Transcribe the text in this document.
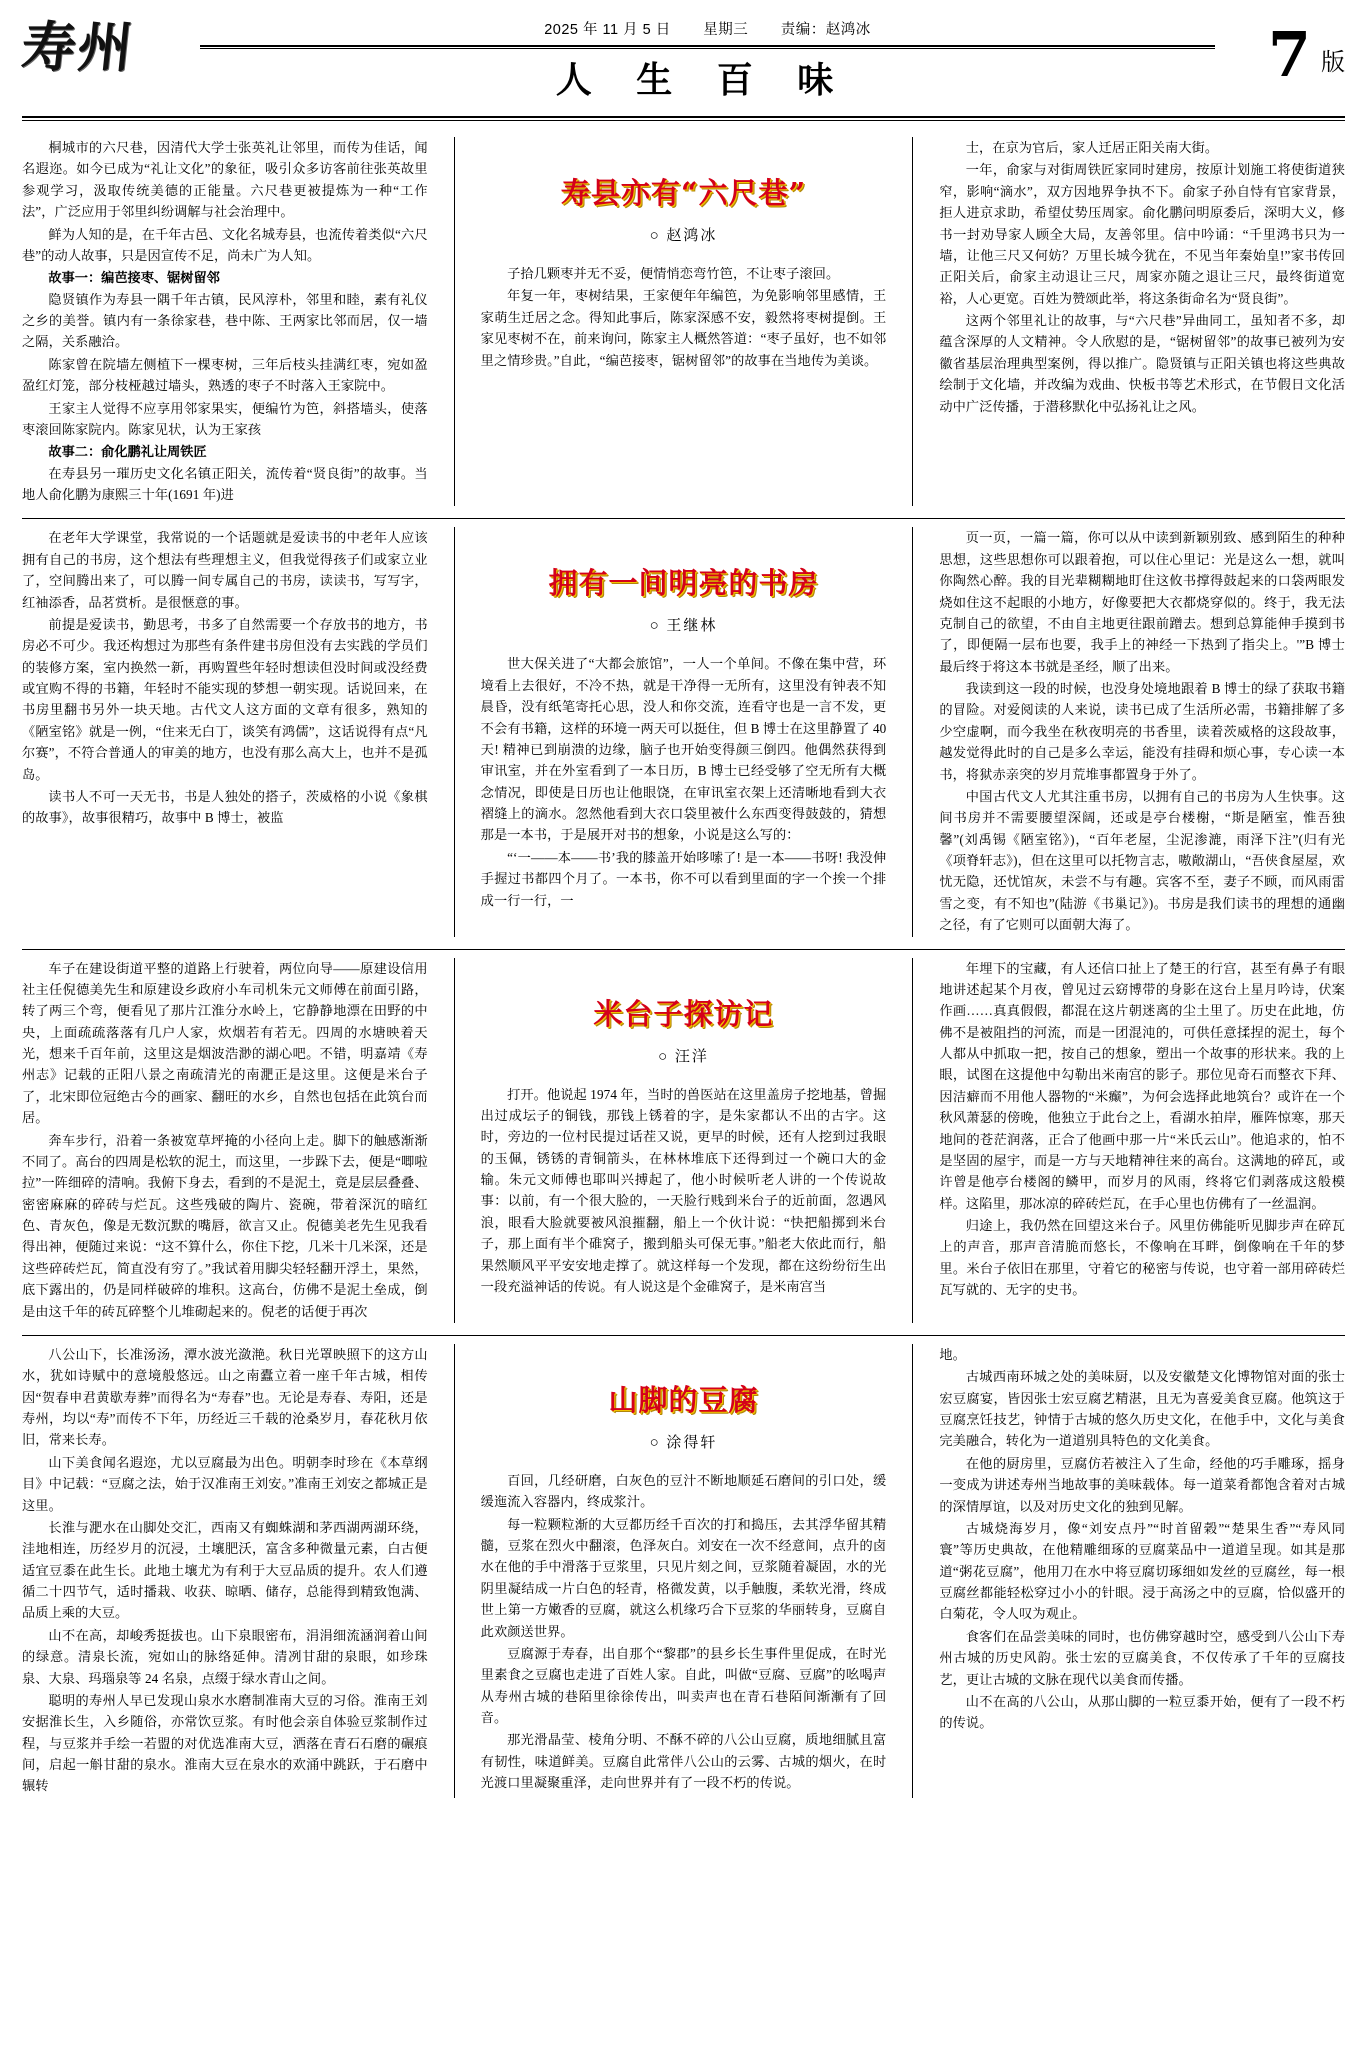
寿州	2025 年 11 月 5 日 星期三 责编：赵鸿冰
人 生 百 味	7 版

桐城市的六尺巷，因清代大学士张英礼让邻里，而传为佳话，闻名遐迩。如今已成为“礼让文化”的象征，吸引众多访客前往张英故里参观学习，汲取传统美德的正能量。六尺巷更被提炼为一种“工作法”，广泛应用于邻里纠纷调解与社会治理中。

鲜为人知的是，在千年古邑、文化名城寿县，也流传着类似“六尺巷”的动人故事，只是因宣传不足，尚未广为人知。

故事一：编芭接枣、锯树留邻

隐贤镇作为寿县一隅千年古镇，民风淳朴，邻里和睦，素有礼仪之乡的美誉。镇内有一条徐家巷，巷中陈、王两家比邻而居，仅一墙之隔，关系融洽。

陈家曾在院墙左侧植下一棵枣树，三年后枝头挂满红枣，宛如盈盈红灯笼，部分枝桠越过墙头，熟透的枣子不时落入王家院中。

王家主人觉得不应享用邻家果实，便编竹为笆，斜搭墙头，使落枣滚回陈家院内。陈家见状，认为王家孩

故事二：俞化鹏礼让周铁匠

在寿县另一璀历史文化名镇正阳关，流传着“贤良街”的故事。当地人俞化鹏为康熙三十年(1691 年)进

寿县亦有“六尺巷”
○ 赵鸿冰

子拾几颗枣并无不妥，便情悄恋弯竹笆，不让枣子滚回。

年复一年，枣树结果，王家便年年编笆，为免影响邻里感情，王家萌生迁居之念。得知此事后，陈家深感不安，毅然将枣树提倒。王家见枣树不在，前来询问，陈家主人概然答道：“枣子虽好，也不如邻里之情珍贵。”自此，“编芭接枣，锯树留邻”的故事在当地传为美谈。

士，在京为官后，家人迁居正阳关南大街。

一年，俞家与对街周铁匠家同时建房，按原计划施工将使街道狭窄，影响“滴水”，双方因地界争执不下。俞家子孙自恃有官家背景，拒人进京求助，希望仗势压周家。俞化鹏问明原委后，深明大义，修书一封劝导家人顾全大局，友善邻里。信中吟诵：“千里鸿书只为一墙，让他三尺又何妨？万里长城今犹在，不见当年秦始皇!”家书传回正阳关后，俞家主动退让三尺，周家亦随之退让三尺，最终街道宽裕，人心更宽。百姓为赞颂此举，将这条街命名为“贤良街”。

这两个邻里礼让的故事，与“六尺巷”异曲同工，虽知者不多，却蕴含深厚的人文精神。令人欣慰的是，“锯树留邻”的故事已被列为安徽省基层治理典型案例，得以推广。隐贤镇与正阳关镇也将这些典故绘制于文化墙，并改编为戏曲、快板书等艺术形式，在节假日文化活动中广泛传播，于潜移默化中弘扬礼让之风。

在老年大学课堂，我常说的一个话题就是爱读书的中老年人应该拥有自己的书房，这个想法有些理想主义，但我觉得孩子们或家立业了，空间腾出来了，可以腾一间专属自己的书房，读读书，写写字，红袖添香，品茗赏析。是很惬意的事。

前提是爱读书，勤思考，书多了自然需要一个存放书的地方，书房必不可少。我还构想过为那些有条件建书房但没有去实践的学员们的装修方案，室内换然一新，再购置些年轻时想读但没时间或没经费或宜购不得的书籍，年轻时不能实现的梦想一朝实现。话说回来，在书房里翻书另外一块天地。古代文人这方面的文章有很多，熟知的《陋室铭》就是一例，“住来无白丁，谈笑有鸿儒”，这话说得有点“凡尔赛”，不符合普通人的审美的地方，也没有那么高大上，也并不是孤岛。

读书人不可一天无书，书是人独处的搭子，茨威格的小说《象棋的故事》，故事很精巧，故事中 B 博士，被监

拥有一间明亮的书房
○ 王继林

世大保关进了“大都会旅馆”，一人一个单间。不像在集中营，环境看上去很好，不冷不热，就是干净得一无所有，这里没有钟表不知晨昏，没有纸笔寄托心思，没人和你交流，连看守也是一言不发，更不会有书籍，这样的环境一两天可以挺住，但 B 博士在这里静置了 40 天! 精神已到崩溃的边缘，脑子也开始变得颜三倒四。他偶然获得到审讯室，并在外室看到了一本日历，B 博士已经受够了空无所有大概念情况，即使是日历也让他眼饶，在审讯室衣架上还清晰地看到大衣褶缝上的滴水。忽然他看到大衣口袋里被什么东西变得鼓鼓的，猜想那是一本书，于是展开对书的想象，小说是这么写的：

“‘一——本——书’我的膝盖开始哆嗦了! 是一本——书呀! 我没伸手握过书都四个月了。一本书，你不可以看到里面的字一个挨一个排成一行一行，一

页一页，一篇一篇，你可以从中读到新颖别致、感到陌生的种种思想，这些思想你可以跟着抱，可以住心里记：光是这么一想，就叫你陶然心醉。我的目光辈糊糊地盯住这攸书撑得鼓起来的口袋两眼发烧如住这不起眼的小地方，好像要把大衣都烧穿似的。终于，我无法克制自己的欲望，不由自主地更往跟前蹭去。想到总算能伸手摸到书了，即便隔一层布也要，我手上的神经一下热到了指尖上。'”B 博士最后终于将这本书就是圣经，顺了出来。

我读到这一段的时候，也没身处境地跟着 B 博士的绿了获取书籍的冒险。对爱阅读的人来说，读书已成了生活所必需，书籍排解了多少空虚啊，而今我坐在秋夜明亮的书香里，读着茨威格的这段故事，越发觉得此时的自己是多么幸运，能没有挂碍和烦心事，专心读一本书，将狱赤亲突的岁月荒堆事都置身于外了。

中国古代文人尤其注重书房，以拥有自己的书房为人生快事。这间书房并不需要腰望深阔，还或是亭台楼榭，“斯是陋室，惟吾独馨”(刘禹锡《陋室铭》)，“百年老屋，尘泥渗漉，雨泽下注”(归有光《项脊轩志》)，但在这里可以托物言志，嗷敞湖山，“吾侠食屋屋，欢忧无隐，还忧馆灰，未尝不与有趣。宾客不至，妻子不顾，而风雨雷雪之变，有不知也”(陆游《书巢记》)。书房是我们读书的理想的通幽之径，有了它则可以面朝大海了。

车子在建设街道平整的道路上行驶着，两位向导——原建设信用社主任倪德美先生和原建设乡政府小车司机朱元文师傅在前面引路，转了两三个弯，便看见了那片江淮分水岭上，它静静地漂在田野的中央，上面疏疏落落有几户人家，炊烟若有若无。四周的水塘映着天光，想来千百年前，这里这是烟波浩渺的湖心吧。不错，明嘉靖《寿州志》记载的正阳八景之南疏清光的南淝正是这里。这便是米台子了，北宋即位冠绝古今的画家、翻旺的水乡，自然也包括在此筑台而居。

奔车步行，沿着一条被宽草坪掩的小径向上走。脚下的触感渐渐不同了。高台的四周是松软的泥土，而这里，一步跺下去，便是“唧啦拉”一阵细碎的清响。我俯下身去，看到的不是泥土，竟是层层叠叠、密密麻麻的碎砖与烂瓦。这些残破的陶片、瓷碗，带着深沉的暗红色、青灰色，像是无数沉默的嘴唇，欲言又止。倪德美老先生见我看得出神，便随过来说：“这不算什么，你住下挖，几米十几米深，还是这些碎砖烂瓦，简直没有穷了。”我试着用脚尖轻轻翻开浮土，果然，底下露出的，仍是同样破碎的堆积。这高台，仿佛不是泥土垒成，倒是由这千年的砖瓦碎整个儿堆砌起来的。倪老的话便于再次

米台子探访记
○ 汪洋

打开。他说起 1974 年，当时的兽医站在这里盖房子挖地基，曾掘出过成坛子的铜钱，那钱上锈着的字，是朱家都认不出的古字。这时，旁边的一位村民提过话茬又说，更早的时候，还有人挖到过我眼的玉佩，锈锈的青铜箭头，在林林堆底下还得到过一个碗口大的金输。朱元文师傅也耶叫兴搏起了，他小时候听老人讲的一个传说故事：以前，有一个很大脸的，一天脸行贱到米台子的近前面，忽遇风浪，眼看大脸就要被风浪摧翻，船上一个伙计说：“快把船掷到米台子，那上面有半个碓窝子，搬到船头可保无事。”船老大依此而行，船果然顺风平平安安地走撑了。就这样每一个发现，都在这纷纷衍生出一段充溢神话的传说。有人说这是个金碓窝子，是米南宫当

年埋下的宝藏，有人还信口扯上了楚王的行宫，甚至有鼻子有眼地讲述起某个月夜，曾见过云窈博带的身影在这台上星月吟诗，伏案作画……真真假假，都混在这片朝迷离的尘土里了。历史在此地，仿佛不是被阻挡的河流，而是一团混沌的，可供任意揉捏的泥土，每个人都从中抓取一把，按自己的想象，塑出一个故事的形状来。我的上眼，试图在这提他中勾勒出米南宫的影子。那位见奇石而整衣下拜、因洁癖而不用他人器物的“米癫”，为何会选择此地筑台？或许在一个秋风萧瑟的傍晚，他独立于此台之上，看湖水拍岸，雁阵惊寒，那天地间的苍茫润落，正合了他画中那一片“米氏云山”。他追求的，怕不是坚固的屋宇，而是一方与天地精神往来的高台。这满地的碎瓦，或许曾是他亭台楼阁的鳞甲，而岁月的风雨，终将它们剥落成这般模样。这陷里，那冰凉的碎砖烂瓦，在手心里也仿佛有了一丝温润。

归途上，我仍然在回望这米台子。风里仿佛能听见脚步声在碎瓦上的声音，那声音清脆而悠长，不像响在耳畔，倒像响在千年的梦里。米台子依旧在那里，守着它的秘密与传说，也守着一部用碎砖烂瓦写就的、无字的史书。

八公山下，长准汤汤，潭水波光潋滟。秋日光罩映照下的这方山水，犹如诗赋中的意境般悠远。山之南蠹立着一座千年古城，相传因“贺春申君黄歇寿葬”而得名为“寿春”也。无论是寿春、寿阳，还是寿州，均以“寿”而传不下年，历经近三千载的沧桑岁月，春花秋月依旧，常来长寿。

山下美食闻名遐迩，尤以豆腐最为出色。明朝李时珍在《本草纲目》中记载：“豆腐之法，始于汉准南王刘安。”准南王刘安之都城正是这里。

长淮与淝水在山脚处交汇，西南又有蜘蛛湖和茅西湖两湖环绕，洼地相连，历经岁月的沉浸，土壤肥沃，富含多种微量元素，白古便适宜豆黍在此生长。此地土壤尤为有利于大豆品质的提升。农人们遵循二十四节气，适时播栽、收获、晾晒、储存，总能得到精致饱满、品质上乘的大豆。

山不在高，却峻秀挺拔也。山下泉眼密布，涓涓细流涵润着山间的绿意。清泉长流，宛如山的脉络延伸。清冽甘甜的泉眼，如珍珠泉、大泉、玛瑙泉等 24 名泉，点缀于绿水青山之间。

聪明的寿州人早已发现山泉水水磨制准南大豆的习俗。淮南王刘安据淮长生，入乡随俗，亦常饮豆浆。有时他会亲自体验豆浆制作过程，与豆浆并手绘一若盟的对优选准南大豆，洒落在青石石磨的碾痕间，启起一斛甘甜的泉水。淮南大豆在泉水的欢涌中跳跃，于石磨中辗转

山脚的豆腐
○ 涂得轩

百回，几经研磨，白灰色的豆汁不断地顺延石磨间的引口处，缓缓迤流入容器内，终成浆汁。

每一粒颗粒渐的大豆都历经千百次的打和捣压，去其浮华留其精髓，豆浆在烈火中翻滚，色泽灰白。刘安在一次不经意间，点升的卤水在他的手中滑落于豆浆里，只见片刻之间，豆浆随着凝固，水的光阴里凝结成一片白色的轻青，格微发黄，以手触腹，柔软光滑，终成世上第一方嫩香的豆腐，就这么机缘巧合下豆浆的华丽转身，豆腐自此欢颜送世界。

豆腐源于寿春，出自那个“黎郡”的县乡长生事件里促成，在时光里素食之豆腐也走进了百姓人家。自此，叫做“豆腐、豆腐”的吆喝声从寿州古城的巷陌里徐徐传出，叫卖声也在青石巷陌间渐漸有了回音。

那光滑晶莹、棱角分明、不酥不碎的八公山豆腐，质地细腻且富有韧性，味道鲜美。豆腐自此常伴八公山的云雾、古城的烟火，在时光渡口里凝聚重泽，走向世界并有了一段不朽的传说。

地。

古城西南环城之处的美味厨，以及安徽楚文化博物馆对面的张士宏豆腐宴，皆因张士宏豆腐艺精湛，且无为喜爱美食豆腐。他筑这于豆腐烹饪技艺，钟情于古城的悠久历史文化，在他手中，文化与美食完美融合，转化为一道道别具特色的文化美食。

在他的厨房里，豆腐仿若被注入了生命，经他的巧手雕琢，摇身一变成为讲述寿州当地故事的美味载体。每一道菜肴都饱含着对古城的深情厚谊，以及对历史文化的独到见解。

古城烧海岁月，像“刘安点丹”“时首留榖”“楚果生香”“寿风同寰”等历史典故，在他精雕细琢的豆腐菜品中一道道呈现。如其是那道“粥花豆腐”，他用刀在水中将豆腐切琢细如发丝的豆腐丝，每一根豆腐丝都能轻松穿过小小的针眼。浸于高汤之中的豆腐，恰似盛开的白菊花，令人叹为观止。

食客们在品尝美味的同时，也仿佛穿越时空，感受到八公山下寿州古城的历史风韵。张士宏的豆腐美食，不仅传承了千年的豆腐技艺，更让古城的文脉在现代以美食而传播。

山不在高的八公山，从那山脚的一粒豆黍开始，便有了一段不朽的传说。
